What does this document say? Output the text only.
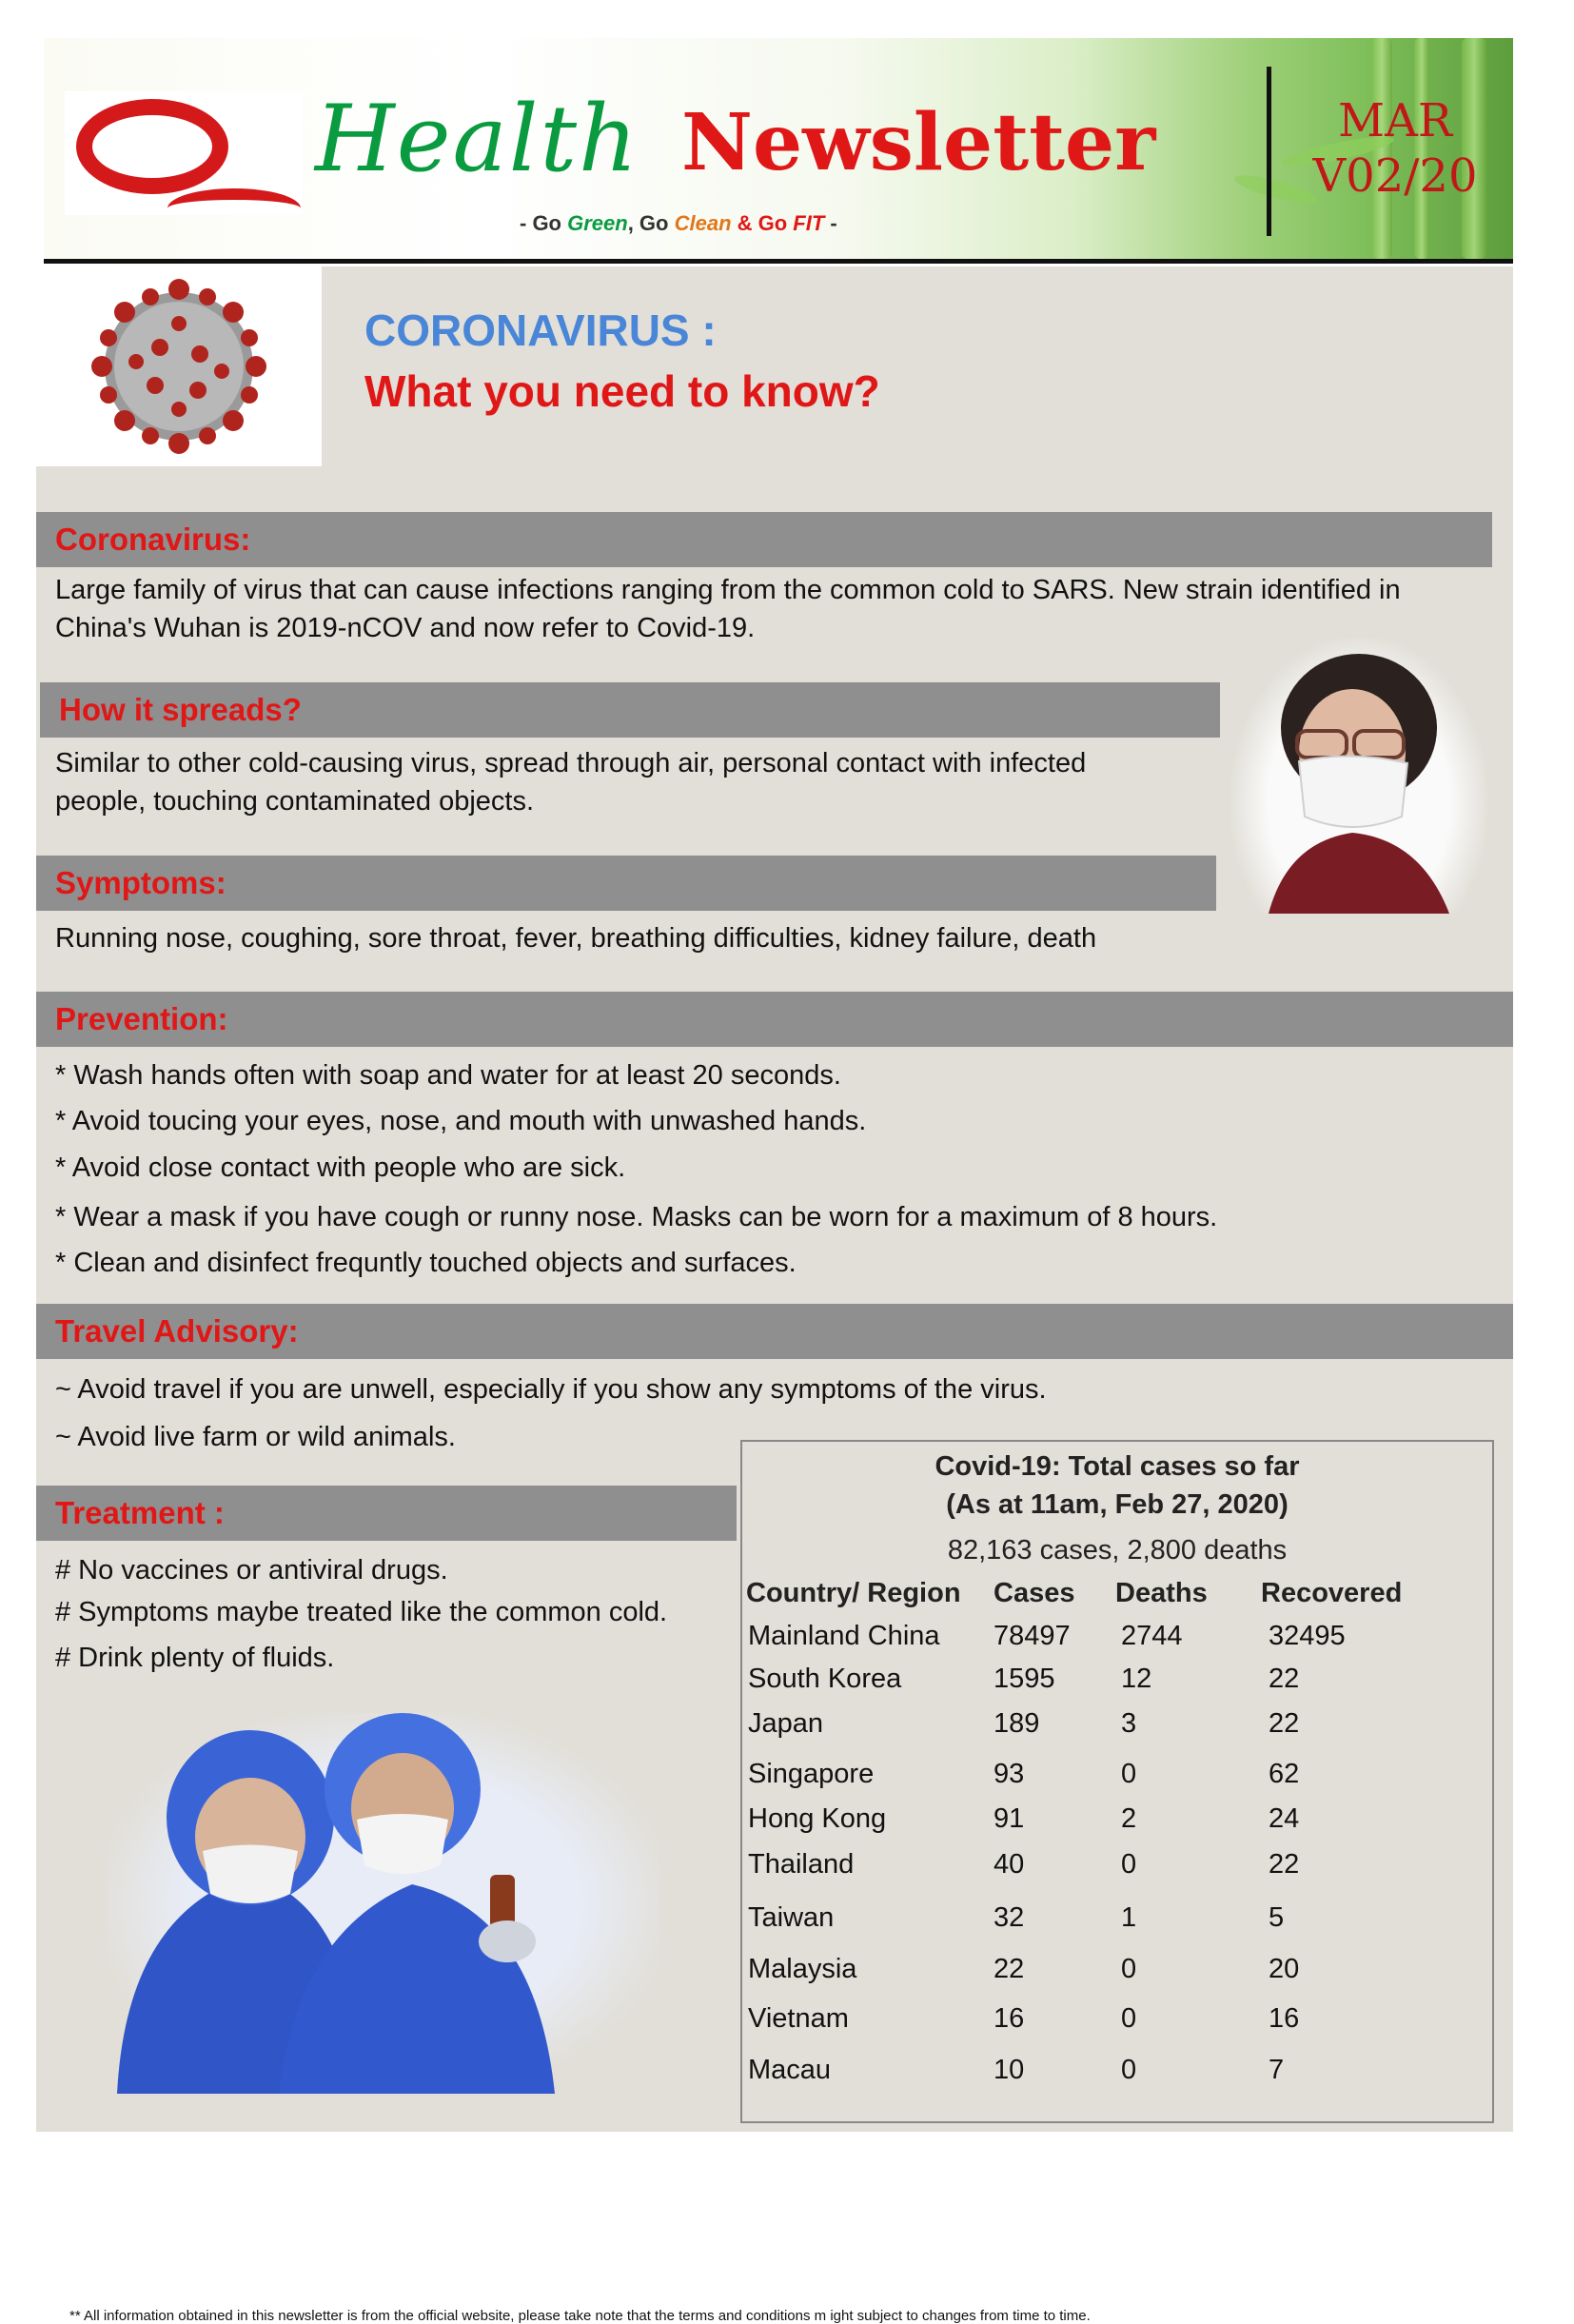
Health Newsletter
- Go Green, Go Clean & Go FIT -
MAR
V02/20
CORONAVIRUS :
What you need to know?
Coronavirus:
Large family of virus that can cause infections ranging from the common cold to SARS. New strain identified in
China's Wuhan is 2019-nCOV and now refer to Covid-19.
How it spreads?
Similar to other cold-causing virus, spread through air, personal contact with infected
people, touching contaminated objects.
Symptoms:
Running nose, coughing, sore throat, fever, breathing difficulties, kidney failure, death
Prevention:
* Wash hands often with soap and water for at least 20 seconds.
* Avoid toucing your eyes, nose, and mouth with unwashed hands.
* Avoid close contact with people who are sick.
* Wear a mask if you have cough or runny nose. Masks can be worn for a maximum of 8 hours.
* Clean and disinfect frequntly touched objects and surfaces.
Travel Advisory:
~ Avoid travel if you are unwell, especially if you show any symptoms of the virus.
~ Avoid live farm or wild animals.
Treatment :
# No vaccines or antiviral drugs.
# Symptoms maybe treated like the common cold.
# Drink plenty of fluids.
Covid-19: Total cases so far
(As at 11am, Feb 27, 2020)
82,163 cases, 2,800 deaths
Country/ Region Cases Deaths Recovered
Mainland China 78497 2744	32495
South Korea	1595 12	22
Japan	189	3	22
Singapore	93	0	62
Hong Kong	91	2	24
Thailand	40	0	22
Taiwan	32	1	5
Malaysia	22	0	20
Vietnam	16	0	16
Macau	10	0	7
** All information obtained in this newsletter is from the official website, please take note that the terms and conditions m ight subject to changes from time to time.
